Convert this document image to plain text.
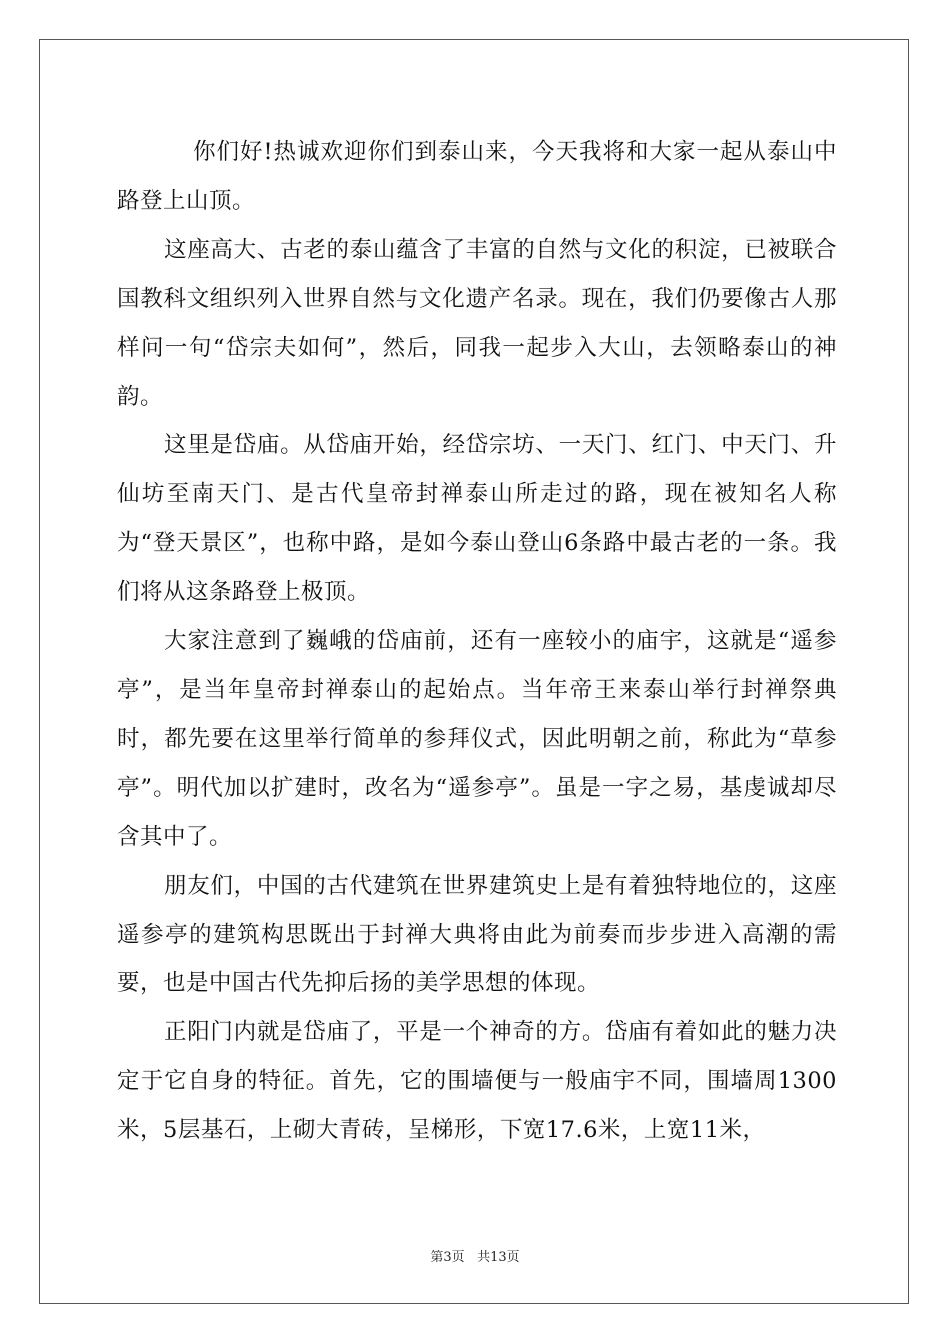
你们好!热诚欢迎你们到泰山来，今天我将和大家一起从泰山中路登上山顶。

这座高大、古老的泰山蕴含了丰富的自然与文化的积淀，已被联合国教科文组织列入世界自然与文化遗产名录。现在，我们仍要像古人那样问一句“岱宗夫如何”，然后，同我一起步入大山，去领略泰山的神韵。

这里是岱庙。从岱庙开始，经岱宗坊、一天门、红门、中天门、升仙坊至南天门、是古代皇帝封禅泰山所走过的路，现在被知名人称为“登天景区”，也称中路，是如今泰山登山6条路中最古老的一条。我们将从这条路登上极顶。

大家注意到了巍峨的岱庙前，还有一座较小的庙宇，这就是“遥参亭”，是当年皇帝封禅泰山的起始点。当年帝王来泰山举行封禅祭典时，都先要在这里举行简单的参拜仪式，因此明朝之前，称此为“草参亭”。明代加以扩建时，改名为“遥参亭”。虽是一字之易，基虔诚却尽含其中了。

朋友们，中国的古代建筑在世界建筑史上是有着独特地位的，这座遥参亭的建筑构思既出于封禅大典将由此为前奏而步步进入高潮的需要，也是中国古代先抑后扬的美学思想的体现。

正阳门内就是岱庙了，平是一个神奇的方。岱庙有着如此的魅力决定于它自身的特征。首先，它的围墙便与一般庙宇不同，围墙周1300米，5层基石，上砌大青砖，呈梯形，下宽17.6米，上宽11米，

第3页 共13页
